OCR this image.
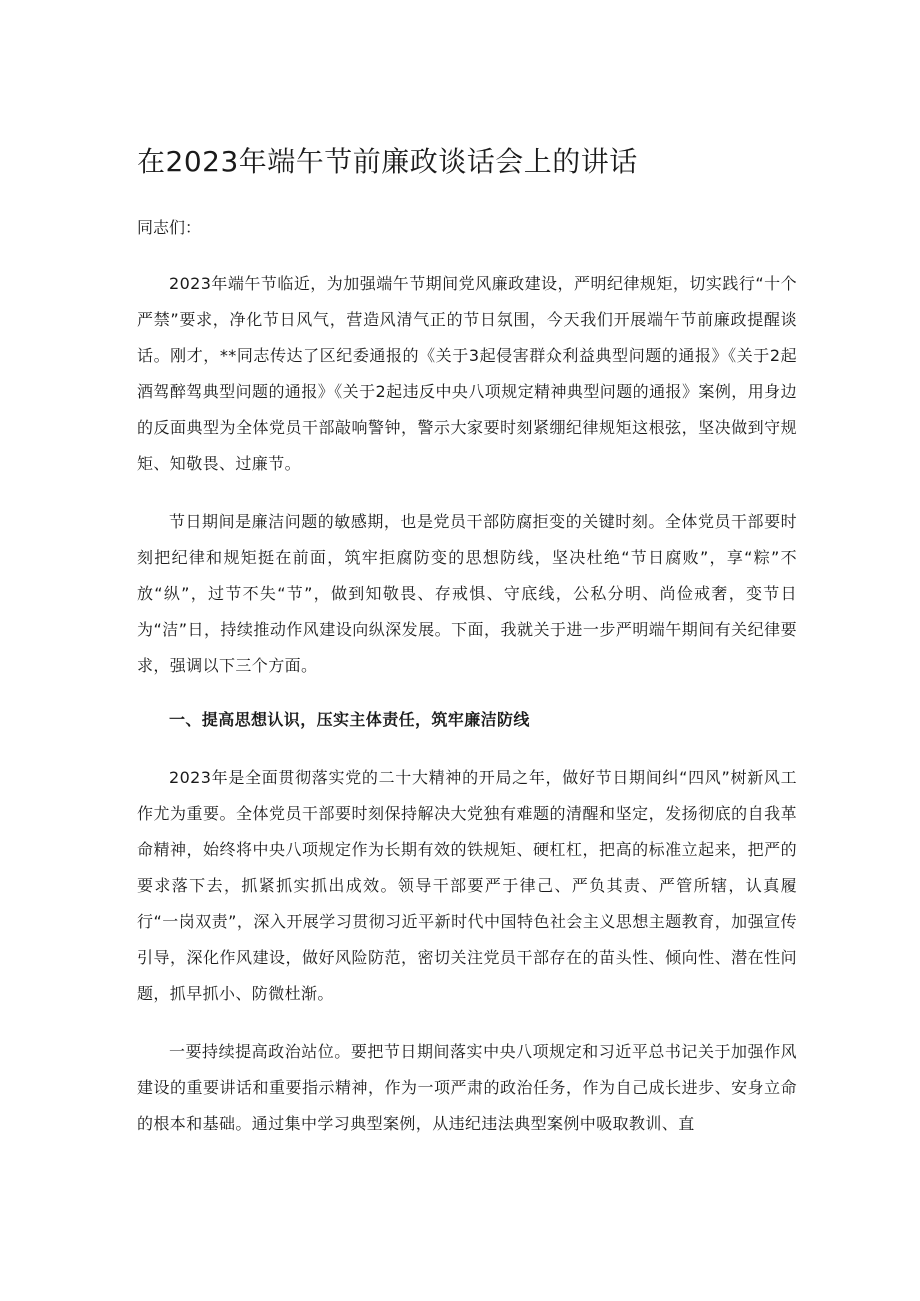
在2023年端午节前廉政谈话会上的讲话

同志们：

2023年端午节临近，为加强端午节期间党风廉政建设，严明纪律规矩，切实践行“十个严禁”要求，净化节日风气，营造风清气正的节日氛围，今天我们开展端午节前廉政提醒谈话。刚才，**同志传达了区纪委通报的《关于3起侵害群众利益典型问题的通报》《关于2起酒驾醉驾典型问题的通报》《关于2起违反中央八项规定精神典型问题的通报》案例，用身边的反面典型为全体党员干部敲响警钟，警示大家要时刻紧绷纪律规矩这根弦，坚决做到守规矩、知敬畏、过廉节。

节日期间是廉洁问题的敏感期，也是党员干部防腐拒变的关键时刻。全体党员干部要时刻把纪律和规矩挺在前面，筑牢拒腐防变的思想防线，坚决杜绝“节日腐败”，享“粽”不放“纵”，过节不失“节”，做到知敬畏、存戒惧、守底线，公私分明、尚俭戒奢，变节日为“洁”日，持续推动作风建设向纵深发展。下面，我就关于进一步严明端午期间有关纪律要求，强调以下三个方面。

一、提高思想认识，压实主体责任，筑牢廉洁防线

2023年是全面贯彻落实党的二十大精神的开局之年，做好节日期间纠“四风”树新风工作尤为重要。全体党员干部要时刻保持解决大党独有难题的清醒和坚定，发扬彻底的自我革命精神，始终将中央八项规定作为长期有效的铁规矩、硬杠杠，把高的标准立起来，把严的要求落下去，抓紧抓实抓出成效。领导干部要严于律己、严负其责、严管所辖，认真履行“一岗双责”，深入开展学习贯彻习近平新时代中国特色社会主义思想主题教育，加强宣传引导，深化作风建设，做好风险防范，密切关注党员干部存在的苗头性、倾向性、潜在性问题，抓早抓小、防微杜渐。

一要持续提高政治站位。要把节日期间落实中央八项规定和习近平总书记关于加强作风建设的重要讲话和重要指示精神，作为一项严肃的政治任务，作为自己成长进步、安身立命的根本和基础。通过集中学习典型案例，从违纪违法典型案例中吸取教训、直
